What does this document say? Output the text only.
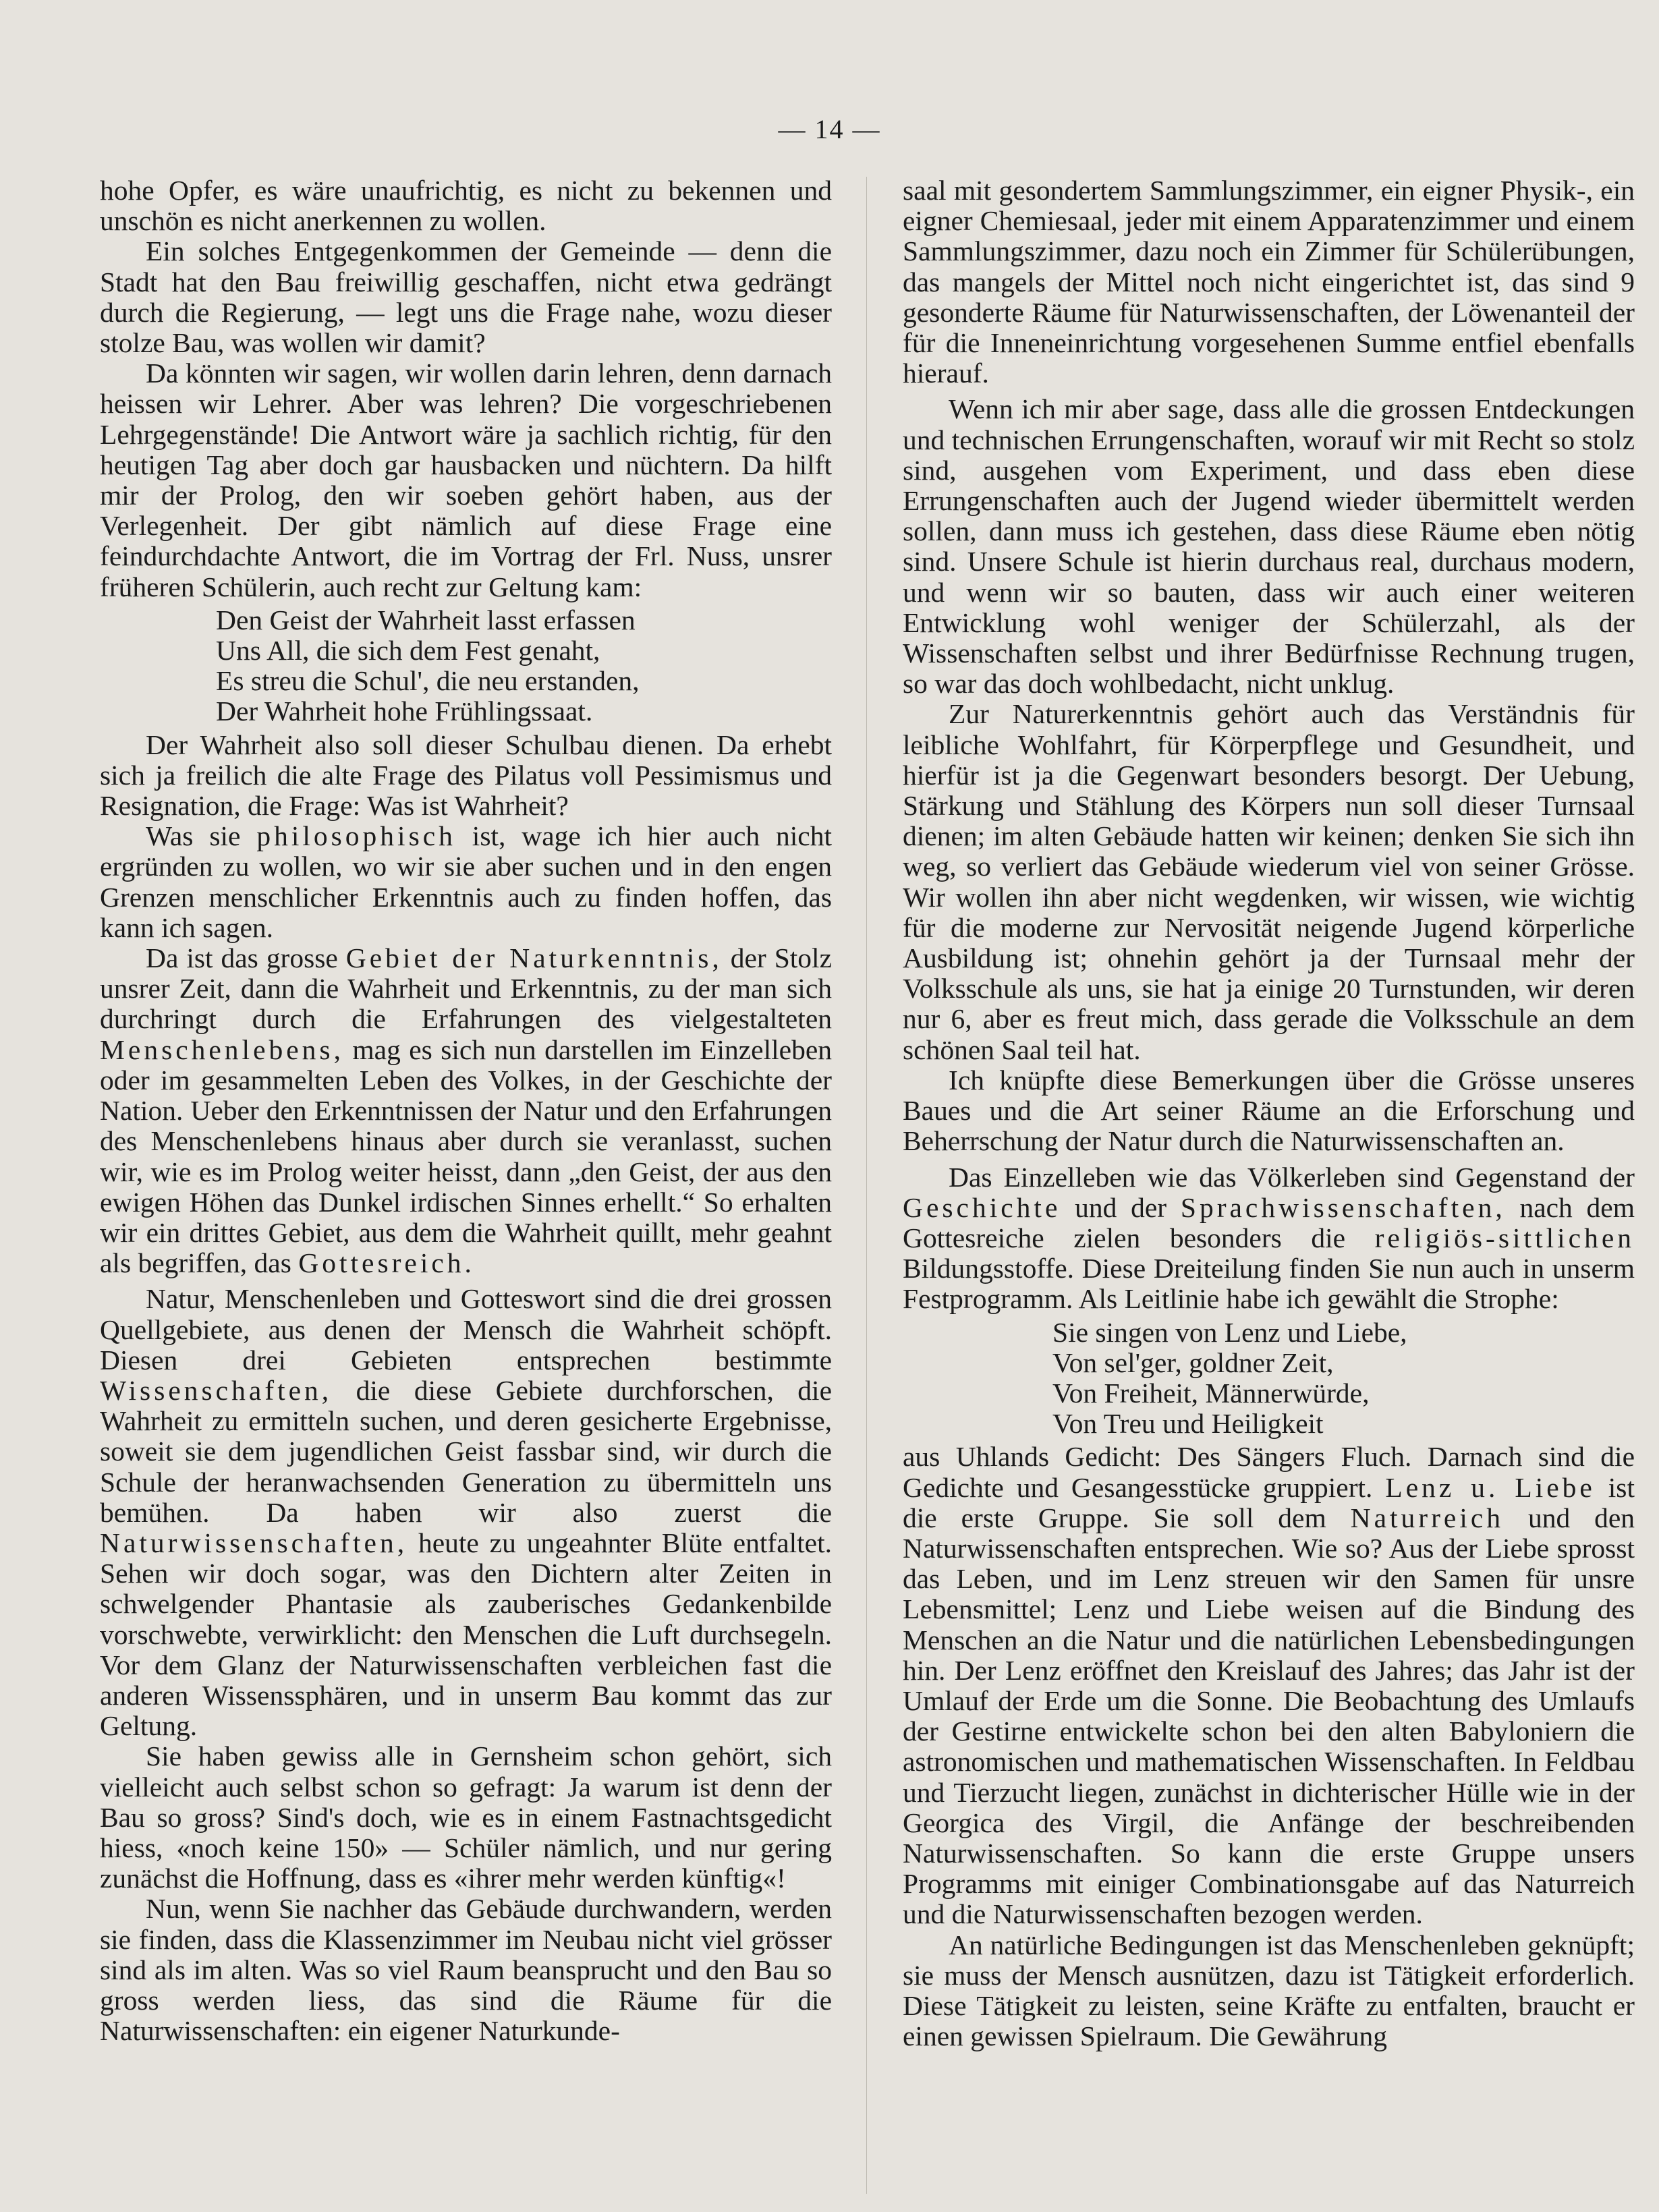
— 14 —

hohe Opfer, es wäre unaufrichtig, es nicht zu bekennen und unschön es nicht anerkennen zu wollen.

Ein solches Entgegenkommen der Gemeinde — denn die Stadt hat den Bau freiwillig geschaffen, nicht etwa gedrängt durch die Regierung, — legt uns die Frage nahe, wozu dieser stolze Bau, was wollen wir damit?

Da könnten wir sagen, wir wollen darin lehren, denn darnach heissen wir Lehrer. Aber was lehren? Die vorgeschriebenen Lehrgegenstände! Die Antwort wäre ja sachlich richtig, für den heutigen Tag aber doch gar hausbacken und nüchtern. Da hilft mir der Prolog, den wir soeben gehört haben, aus der Verlegenheit. Der gibt nämlich auf diese Frage eine feindurchdachte Antwort, die im Vortrag der Frl. Nuss, unsrer früheren Schülerin, auch recht zur Geltung kam:

Den Geist der Wahrheit lasst erfassen
Uns All, die sich dem Fest genaht,
Es streu die Schul', die neu erstanden,
Der Wahrheit hohe Frühlingssaat.

Der Wahrheit also soll dieser Schulbau dienen. Da erhebt sich ja freilich die alte Frage des Pilatus voll Pessimismus und Resignation, die Frage: Was ist Wahrheit?

Was sie philosophisch ist, wage ich hier auch nicht ergründen zu wollen, wo wir sie aber suchen und in den engen Grenzen menschlicher Erkenntnis auch zu finden hoffen, das kann ich sagen.

Da ist das grosse Gebiet der Naturkenntnis, der Stolz unsrer Zeit, dann die Wahrheit und Erkenntnis, zu der man sich durchringt durch die Erfahrungen des vielgestalteten Menschenlebens, mag es sich nun darstellen im Einzelleben oder im gesammelten Leben des Volkes, in der Geschichte der Nation. Ueber den Erkenntnissen der Natur und den Erfahrungen des Menschenlebens hinaus aber durch sie veranlasst, suchen wir, wie es im Prolog weiter heisst, dann „den Geist, der aus den ewigen Höhen das Dunkel irdischen Sinnes erhellt.“ So erhalten wir ein drittes Gebiet, aus dem die Wahrheit quillt, mehr geahnt als begriffen, das Gottesreich.

Natur, Menschenleben und Gotteswort sind die drei grossen Quellgebiete, aus denen der Mensch die Wahrheit schöpft. Diesen drei Gebieten entsprechen bestimmte Wissenschaften, die diese Gebiete durchforschen, die Wahrheit zu ermitteln suchen, und deren gesicherte Ergebnisse, soweit sie dem jugendlichen Geist fassbar sind, wir durch die Schule der heranwachsenden Generation zu übermitteln uns bemühen. Da haben wir also zuerst die Naturwissenschaften, heute zu ungeahnter Blüte entfaltet. Sehen wir doch sogar, was den Dichtern alter Zeiten in schwelgender Phantasie als zauberisches Gedankenbilde vorschwebte, verwirklicht: den Menschen die Luft durchsegeln. Vor dem Glanz der Naturwissenschaften verbleichen fast die anderen Wissenssphären, und in unserm Bau kommt das zur Geltung.

Sie haben gewiss alle in Gernsheim schon gehört, sich vielleicht auch selbst schon so gefragt: Ja warum ist denn der Bau so gross? Sind's doch, wie es in einem Fastnachtsgedicht hiess, «noch keine 150» — Schüler nämlich, und nur gering zunächst die Hoffnung, dass es «ihrer mehr werden künftig«!

Nun, wenn Sie nachher das Gebäude durchwandern, werden sie finden, dass die Klassenzimmer im Neubau nicht viel grösser sind als im alten. Was so viel Raum beansprucht und den Bau so gross werden liess, das sind die Räume für die Naturwissenschaften: ein eigener Naturkunde-

saal mit gesondertem Sammlungszimmer, ein eigner Physik-, ein eigner Chemiesaal, jeder mit einem Apparatenzimmer und einem Sammlungszimmer, dazu noch ein Zimmer für Schülerübungen, das mangels der Mittel noch nicht eingerichtet ist, das sind 9 gesonderte Räume für Naturwissenschaften, der Löwenanteil der für die Inneneinrichtung vorgesehenen Summe entfiel ebenfalls hierauf.

Wenn ich mir aber sage, dass alle die grossen Entdeckungen und technischen Errungenschaften, worauf wir mit Recht so stolz sind, ausgehen vom Experiment, und dass eben diese Errungenschaften auch der Jugend wieder übermittelt werden sollen, dann muss ich gestehen, dass diese Räume eben nötig sind. Unsere Schule ist hierin durchaus real, durchaus modern, und wenn wir so bauten, dass wir auch einer weiteren Entwicklung wohl weniger der Schülerzahl, als der Wissenschaften selbst und ihrer Bedürfnisse Rechnung trugen, so war das doch wohlbedacht, nicht unklug.

Zur Naturerkenntnis gehört auch das Verständnis für leibliche Wohlfahrt, für Körperpflege und Gesundheit, und hierfür ist ja die Gegenwart besonders besorgt. Der Uebung, Stärkung und Stählung des Körpers nun soll dieser Turnsaal dienen; im alten Gebäude hatten wir keinen; denken Sie sich ihn weg, so verliert das Gebäude wiederum viel von seiner Grösse. Wir wollen ihn aber nicht wegdenken, wir wissen, wie wichtig für die moderne zur Nervosität neigende Jugend körperliche Ausbildung ist; ohnehin gehört ja der Turnsaal mehr der Volksschule als uns, sie hat ja einige 20 Turnstunden, wir deren nur 6, aber es freut mich, dass gerade die Volksschule an dem schönen Saal teil hat.

Ich knüpfte diese Bemerkungen über die Grösse unseres Baues und die Art seiner Räume an die Erforschung und Beherrschung der Natur durch die Naturwissenschaften an.

Das Einzelleben wie das Völkerleben sind Gegenstand der Geschichte und der Sprachwissenschaften, nach dem Gottesreiche zielen besonders die religiös-sittlichen Bildungsstoffe. Diese Dreiteilung finden Sie nun auch in unserm Festprogramm. Als Leitlinie habe ich gewählt die Strophe:

Sie singen von Lenz und Liebe,
Von sel'ger, goldner Zeit,
Von Freiheit, Männerwürde,
Von Treu und Heiligkeit

aus Uhlands Gedicht: Des Sängers Fluch. Darnach sind die Gedichte und Gesangesstücke gruppiert. Lenz u. Liebe ist die erste Gruppe. Sie soll dem Naturreich und den Naturwissenschaften entsprechen. Wie so? Aus der Liebe sprosst das Leben, und im Lenz streuen wir den Samen für unsre Lebensmittel; Lenz und Liebe weisen auf die Bindung des Menschen an die Natur und die natürlichen Lebensbedingungen hin. Der Lenz eröffnet den Kreislauf des Jahres; das Jahr ist der Umlauf der Erde um die Sonne. Die Beobachtung des Umlaufs der Gestirne entwickelte schon bei den alten Babyloniern die astronomischen und mathematischen Wissenschaften. In Feldbau und Tierzucht liegen, zunächst in dichterischer Hülle wie in der Georgica des Virgil, die Anfänge der beschreibenden Naturwissenschaften. So kann die erste Gruppe unsers Programms mit einiger Combinationsgabe auf das Naturreich und die Naturwissenschaften bezogen werden.

An natürliche Bedingungen ist das Menschenleben geknüpft; sie muss der Mensch ausnützen, dazu ist Tätigkeit erforderlich. Diese Tätigkeit zu leisten, seine Kräfte zu entfalten, braucht er einen gewissen Spielraum. Die Gewährung
